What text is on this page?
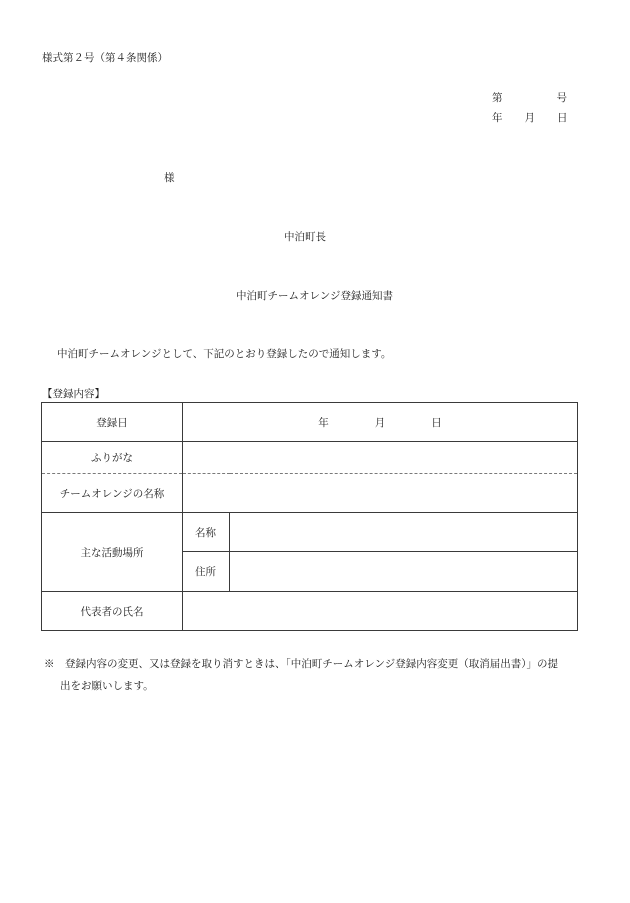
様式第２号（第４条関係）
第	号
年 月 日
様
中泊町長
中泊町チームオレンジ登録通知書
中泊町チームオレンジとして、下記のとおり登録したので通知します。
【登録内容】
登録日	年 月 日	
ふりがな		
チームオレンジの名称		
主な活動場所	名称	
	住所	
代表者の氏名		
※　登録内容の変更、又は登録を取り消すときは、「中泊町チームオレンジ登録内容変更（取消届出書）」の提
出をお願いします。
